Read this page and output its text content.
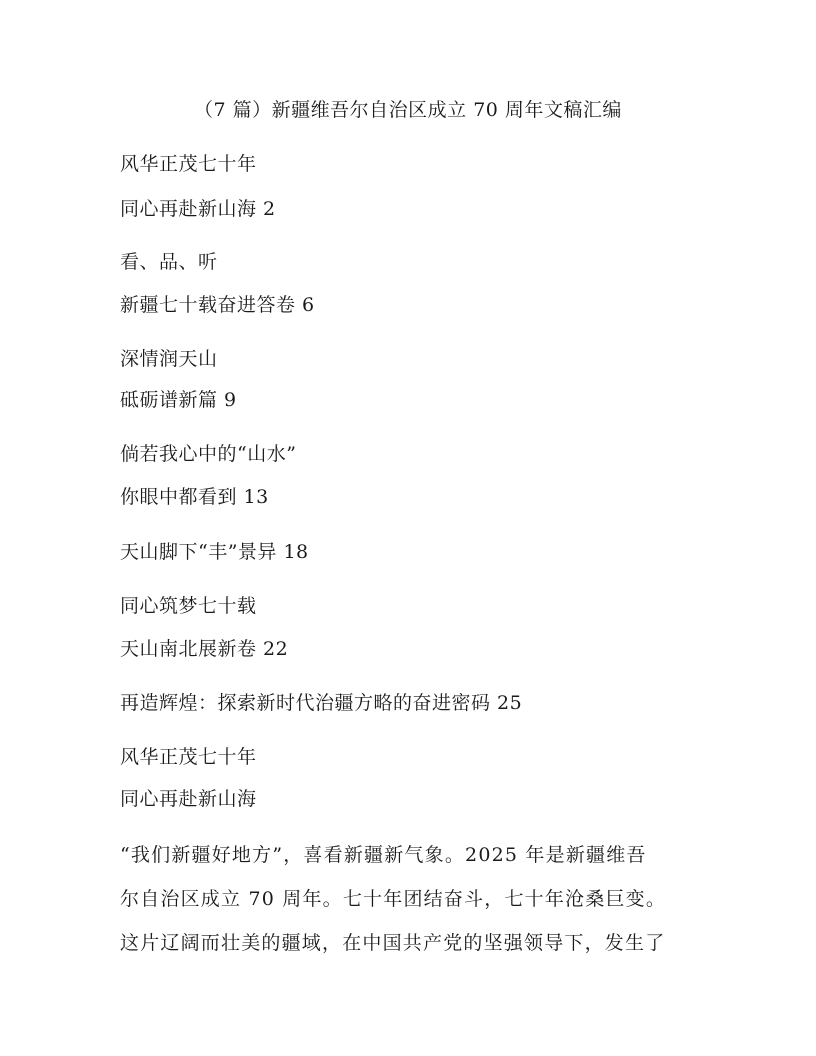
（7 篇）新疆维吾尔自治区成立 70 周年文稿汇编
风华正茂七十年
同心再赴新山海 2
看、品、听
新疆七十载奋进答卷 6
深情润天山
砥砺谱新篇 9
倘若我心中的“山水”
你眼中都看到 13
天山脚下“丰”景异 18
同心筑梦七十载
天山南北展新卷 22
再造辉煌：探索新时代治疆方略的奋进密码 25
风华正茂七十年
同心再赴新山海
“我们新疆好地方”，喜看新疆新气象。2025 年是新疆维吾
尔自治区成立 70 周年。七十年团结奋斗，七十年沧桑巨变。
这片辽阔而壮美的疆域，在中国共产党的坚强领导下，发生了
